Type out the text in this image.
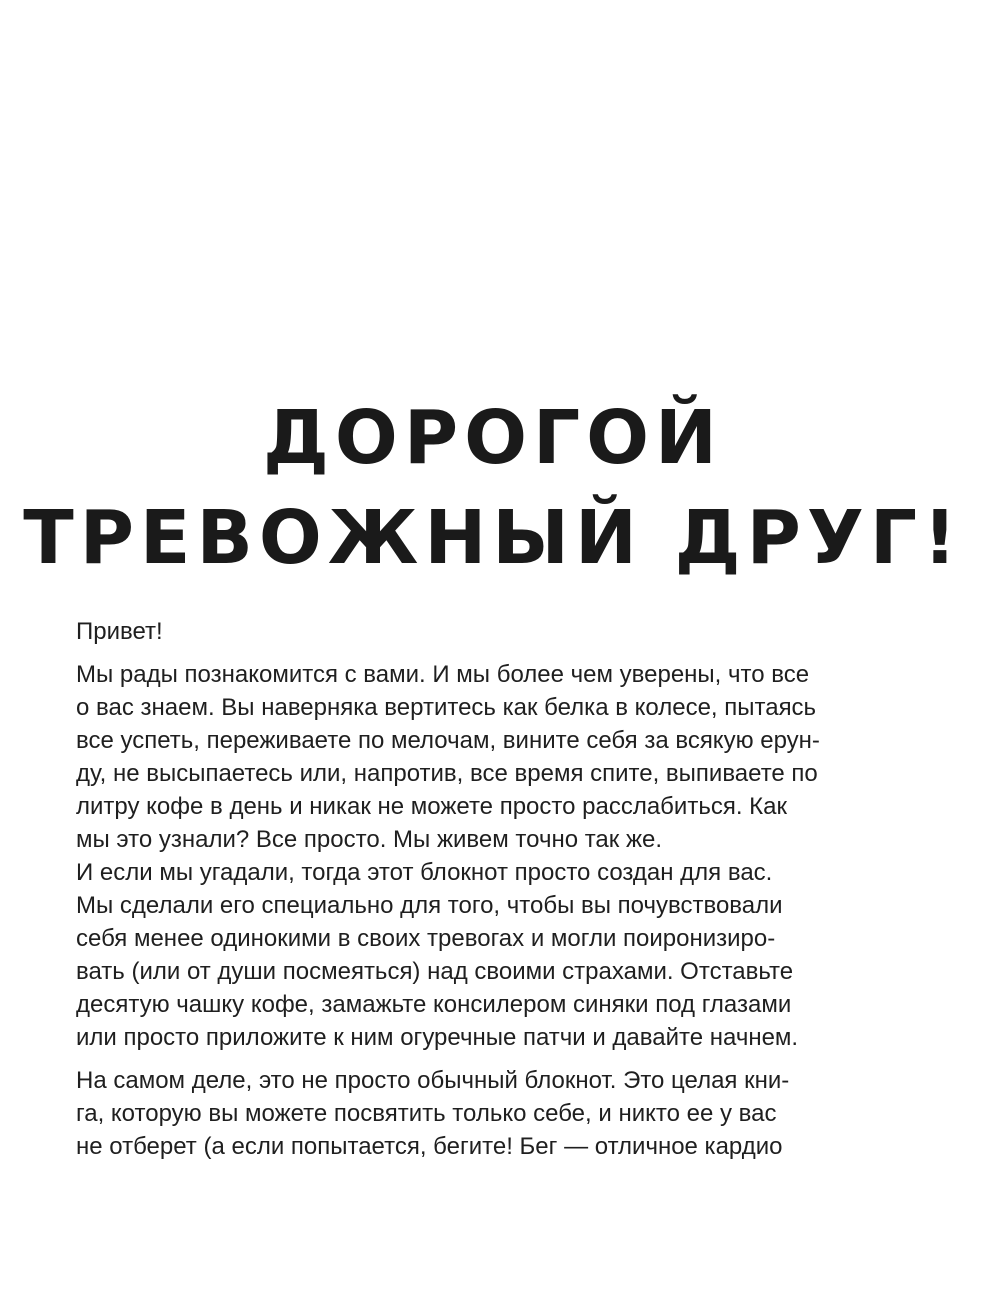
ДОРОГОЙ
ТРЕВОЖНЫЙ ДРУГ!

Привет!

Мы рады познакомится с вами. И мы более чем уверены, что все
о вас знаем. Вы наверняка вертитесь как белка в колесе, пытаясь
все успеть, переживаете по мелочам, вините себя за всякую ерун-
ду, не высыпаетесь или, напротив, все время спите, выпиваете по
литру кофе в день и никак не можете просто расслабиться. Как
мы это узнали? Все просто. Мы живем точно так же.
И если мы угадали, тогда этот блокнот просто создан для вас.
Мы сделали его специально для того, чтобы вы почувствовали
себя менее одинокими в своих тревогах и могли поиронизиро-
вать (или от души посмеяться) над своими страхами. Отставьте
десятую чашку кофе, замажьте консилером синяки под глазами
или просто приложите к ним огуречные патчи и давайте начнем.

На самом деле, это не просто обычный блокнот. Это целая кни-
га, которую вы можете посвятить только себе, и никто ее у вас
не отберет (а если попытается, бегите! Бег — отличное кардио
